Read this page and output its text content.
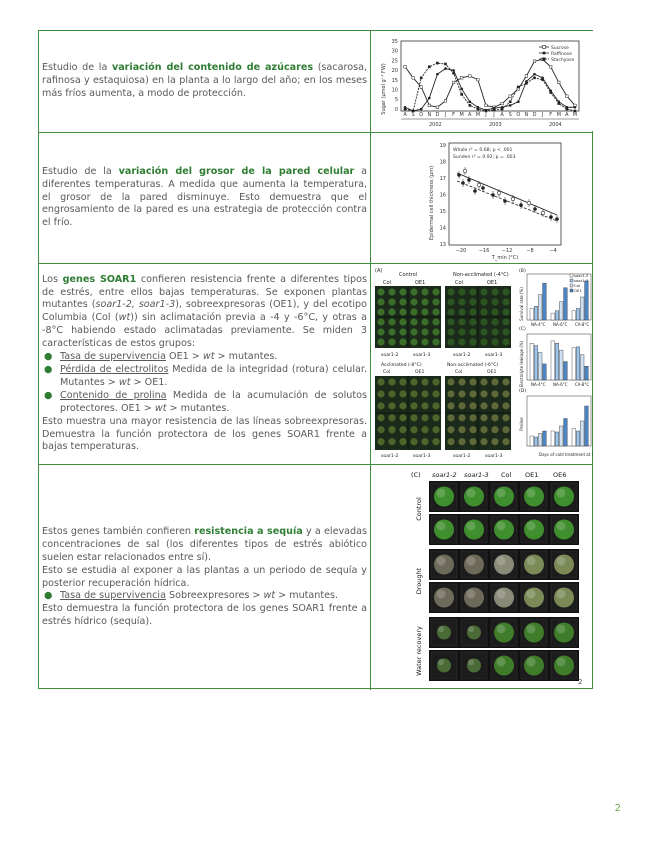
Estudio de la variación del contenido de azúcares (sacarosa, rafinosa y estaquiosa) en la planta a lo largo del año; en los meses más fríos aumenta, a modo de protección.	Sugar (µmol g⁻¹ FW)
35
30
25
20
15
10
5
0
A S O N D J F M A M J J A S O N D J F M A M
2002	2003	2004
Sucrose
Raffinose
Stachyose

Estudio de la variación del grosor de la pared celular a diferentes temperaturas. A medida que aumenta la temperatura, el grosor de la pared disminuye. Esto demuestra que el engrosamiento de la pared es una estrategia de protección contra el frío.	Epidermal cell thickness (µm)
19
18
17
16
15
14
13
Whole r² = 0.68; p < .001
Sunden r² = 0.92; p = .003
−20 −16 −12	−8	−4
T_min (°C)

Los genes SOAR1 confieren resistencia frente a diferentes tipos de estrés, entre ellos bajas temperaturas. Se exponen plantas mutantes (soar1-2, soar1-3), sobreexpresoras (OE1), y del ecotipo Columbia (Col (wt)) sin aclimatación previa a -4 y -6°C, y otras a -8°C habiendo estado aclimatadas previamente. Se miden 3 características de estos grupos:

● Tasa de supervivencia OE1 > wt > mutantes.
● Pérdida de electrolitos Medida de la integridad (rotura) celular. Mutantes > wt > OE1.
● Contenido de prolina Medida de la acumulación de solutos protectores. OE1 > wt > mutantes.

Esto muestra una mayor resistencia de las líneas sobreexpresoras. Demuestra la función protectora de los genes SOAR1 frente a bajas temperaturas.

(A)
Control	Non-acclimated (-4°C)
Col	OE1	Col	OE1
soar1-2	soar1-3	soar1-2	soar1-3
Acclimated (-8°C)	Non-acclimated (-6°C)
Col	OE1	Col	OE1
soar1-2	soar1-3	soar1-2	soar1-3
(B)
Survival rate (%)
(C)
Electrolyte leakage (%)
(D)
Proline
NA-4°C NA-6°C CA-8°C
NA-4°C NA-6°C CA-8°C
Days of cold treatment at 4°C
soar1-2
soar1-3
Col
OE1

Estos genes también confieren resistencia a sequía y a elevadas concentraciones de sal (los diferentes tipos de estrés abiótico suelen estar relacionados entre sí).

Esto se estudia al exponer a las plantas a un periodo de sequía y posterior recuperación hídrica.

● Tasa de supervivencia Sobreexpresores > wt > mutantes.

Esto demuestra la función protectora de los genes SOAR1 frente a estrés hídrico (sequía).

(C) soar1-2 soar1-3 Col OE1 OE6
Control
Drought
Water recovery
2
2
